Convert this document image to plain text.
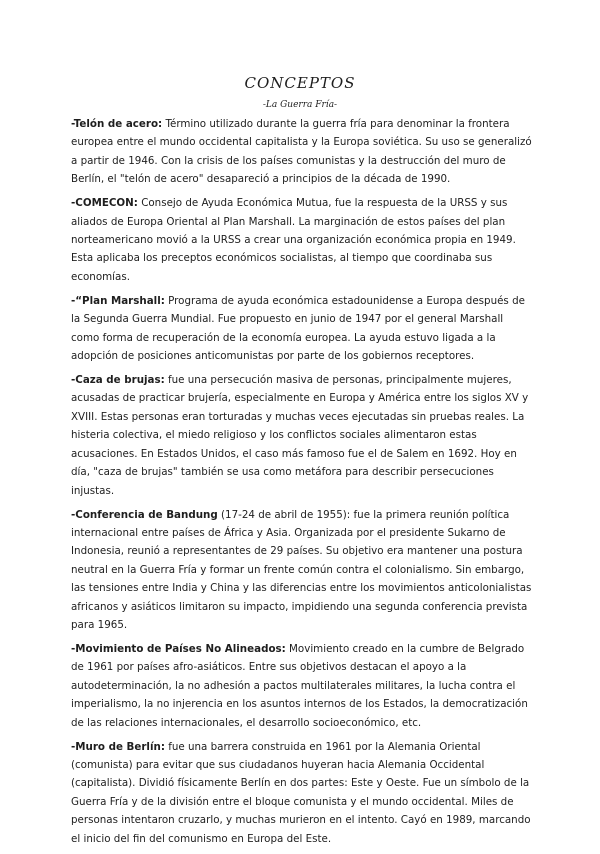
CONCEPTOS

-La Guerra Fría-

-Telón de acero: Término utilizado durante la guerra fría para denominar la frontera europea entre el mundo occidental capitalista y la Europa soviética. Su uso se generalizó a partir de 1946. Con la crisis de los países comunistas y la destrucción del muro de Berlín, el "telón de acero" desapareció a principios de la década de 1990.

-COMECON: Consejo de Ayuda Económica Mutua, fue la respuesta de la URSS y sus aliados de Europa Oriental al Plan Marshall. La marginación de estos países del plan norteamericano movió a la URSS a crear una organización económica propia en 1949. Esta aplicaba los preceptos económicos socialistas, al tiempo que coordinaba sus economías.

-“Plan Marshall: Programa de ayuda económica estadounidense a Europa después de la Segunda Guerra Mundial. Fue propuesto en junio de 1947 por el general Marshall como forma de recuperación de la economía europea. La ayuda estuvo ligada a la adopción de posiciones anticomunistas por parte de los gobiernos receptores.

-Caza de brujas: fue una persecución masiva de personas, principalmente mujeres, acusadas de practicar brujería, especialmente en Europa y América entre los siglos XV y XVIII. Estas personas eran torturadas y muchas veces ejecutadas sin pruebas reales. La histeria colectiva, el miedo religioso y los conflictos sociales alimentaron estas acusaciones. En Estados Unidos, el caso más famoso fue el de Salem en 1692. Hoy en día, "caza de brujas" también se usa como metáfora para describir persecuciones injustas.

-Conferencia de Bandung (17-24 de abril de 1955): fue la primera reunión política internacional entre países de África y Asia. Organizada por el presidente Sukarno de Indonesia, reunió a representantes de 29 países. Su objetivo era mantener una postura neutral en la Guerra Fría y formar un frente común contra el colonialismo. Sin embargo, las tensiones entre India y China y las diferencias entre los movimientos anticolonialistas africanos y asiáticos limitaron su impacto, impidiendo una segunda conferencia prevista para 1965.

-Movimiento de Países No Alineados: Movimiento creado en la cumbre de Belgrado de 1961 por países afro-asiáticos. Entre sus objetivos destacan el apoyo a la autodeterminación, la no adhesión a pactos multilaterales militares, la lucha contra el imperialismo, la no injerencia en los asuntos internos de los Estados, la democratización de las relaciones internacionales, el desarrollo socioeconómico, etc.

-Muro de Berlín: fue una barrera construida en 1961 por la Alemania Oriental (comunista) para evitar que sus ciudadanos huyeran hacia Alemania Occidental (capitalista). Dividió físicamente Berlín en dos partes: Este y Oeste. Fue un símbolo de la Guerra Fría y de la división entre el bloque comunista y el mundo occidental. Miles de personas intentaron cruzarlo, y muchas murieron en el intento. Cayó en 1989, marcando el inicio del fin del comunismo en Europa del Este.
